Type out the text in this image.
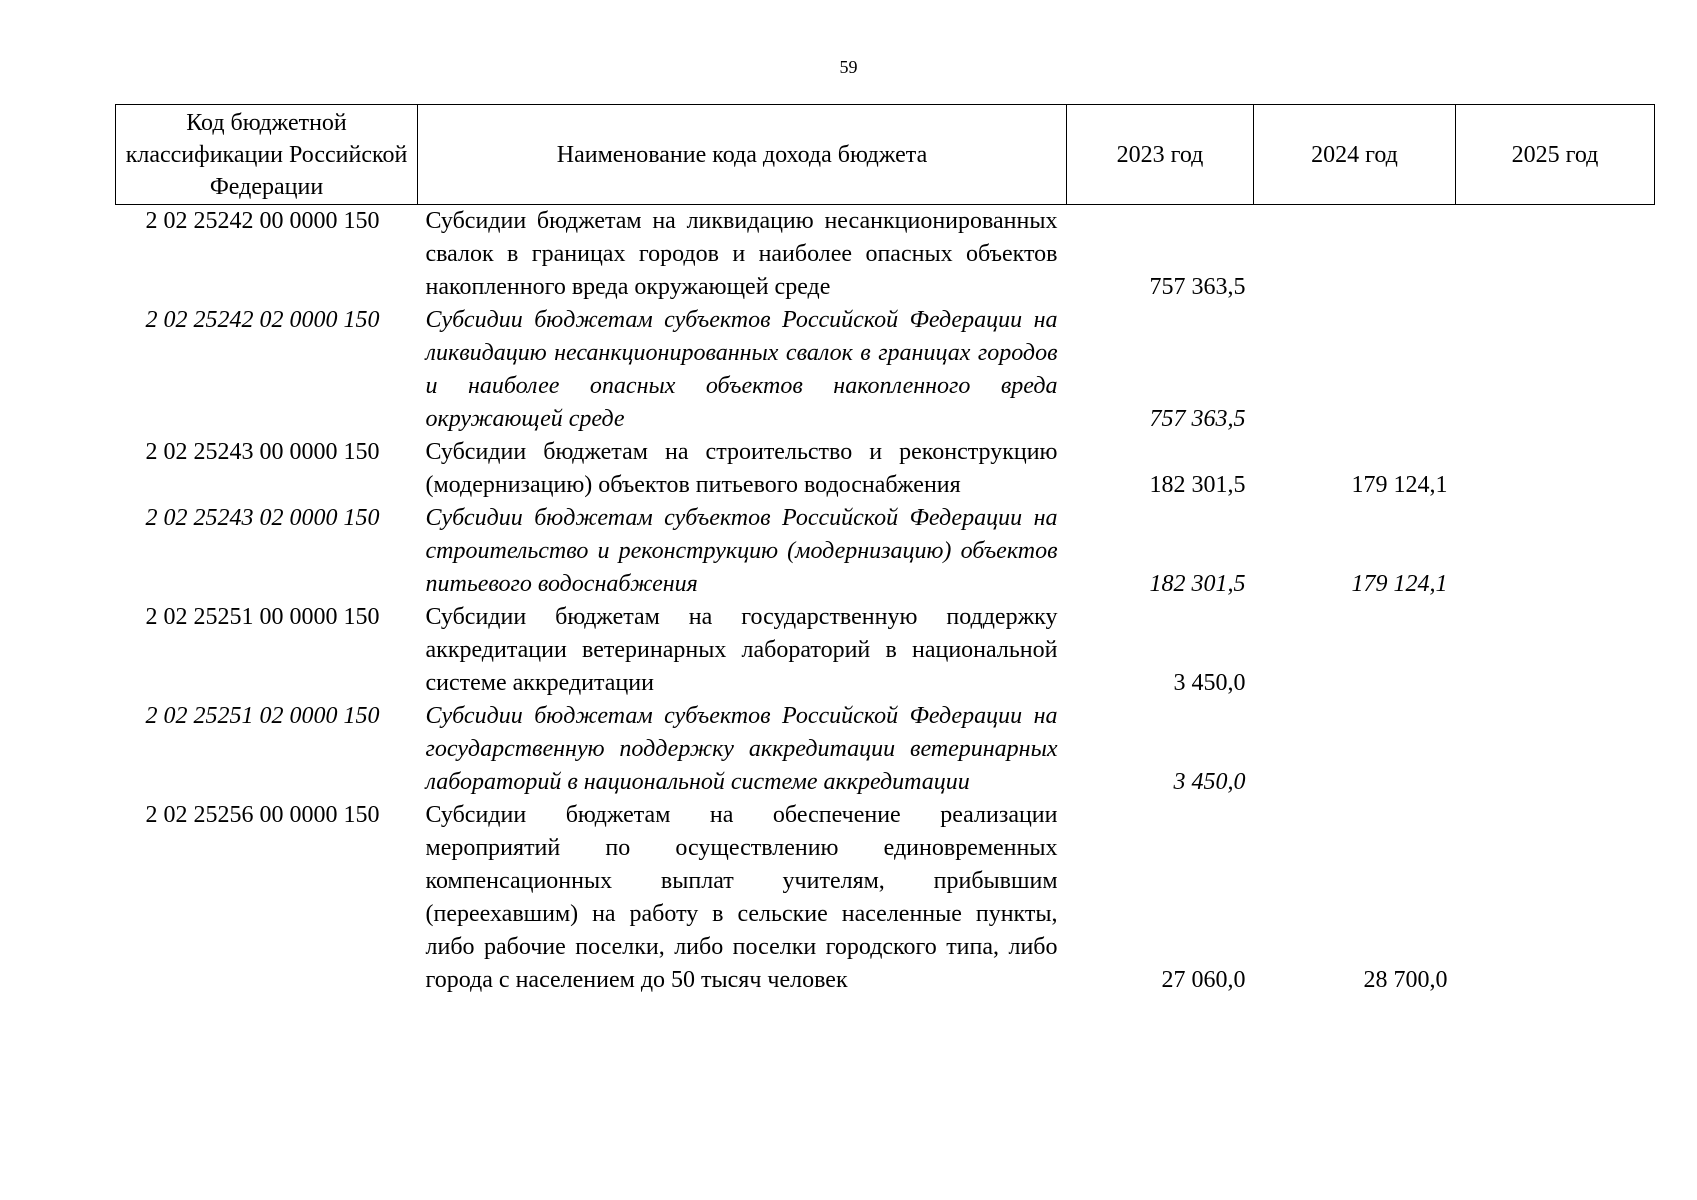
59
Код бюджетной классификации Российской Федерации	Наименование кода дохода бюджета	2023 год	2024 год	2025 год
2 02 25242 00 0000 150	Субсидии бюджетам на ликвидацию несанкционированных свалок в границах городов и наиболее опасных объектов накопленного вреда окружающей среде	757 363,5		
2 02 25242 02 0000 150	Субсидии бюджетам субъектов Российской Федерации на ликвидацию несанкционированных свалок в границах городов и наиболее опасных объектов накопленного вреда окружающей среде	757 363,5		
2 02 25243 00 0000 150	Субсидии бюджетам на строительство и реконструкцию (модернизацию) объектов питьевого водоснабжения	182 301,5	179 124,1	
2 02 25243 02 0000 150	Субсидии бюджетам субъектов Российской Федерации на строительство и реконструкцию (модернизацию) объектов питьевого водоснабжения	182 301,5	179 124,1	
2 02 25251 00 0000 150	Субсидии бюджетам на государственную поддержку аккредитации ветеринарных лабораторий в национальной системе аккредитации	3 450,0		
2 02 25251 02 0000 150	Субсидии бюджетам субъектов Российской Федерации на государственную поддержку аккредитации ветеринарных лабораторий в национальной системе аккредитации	3 450,0		
2 02 25256 00 0000 150	Субсидии бюджетам на обеспечение реализации мероприятий по осуществлению единовременных компенсационных выплат учителям, прибывшим (переехавшим) на работу в сельские населенные пункты, либо рабочие поселки, либо поселки городского типа, либо города с населением до 50 тысяч человек	27 060,0	28 700,0	
